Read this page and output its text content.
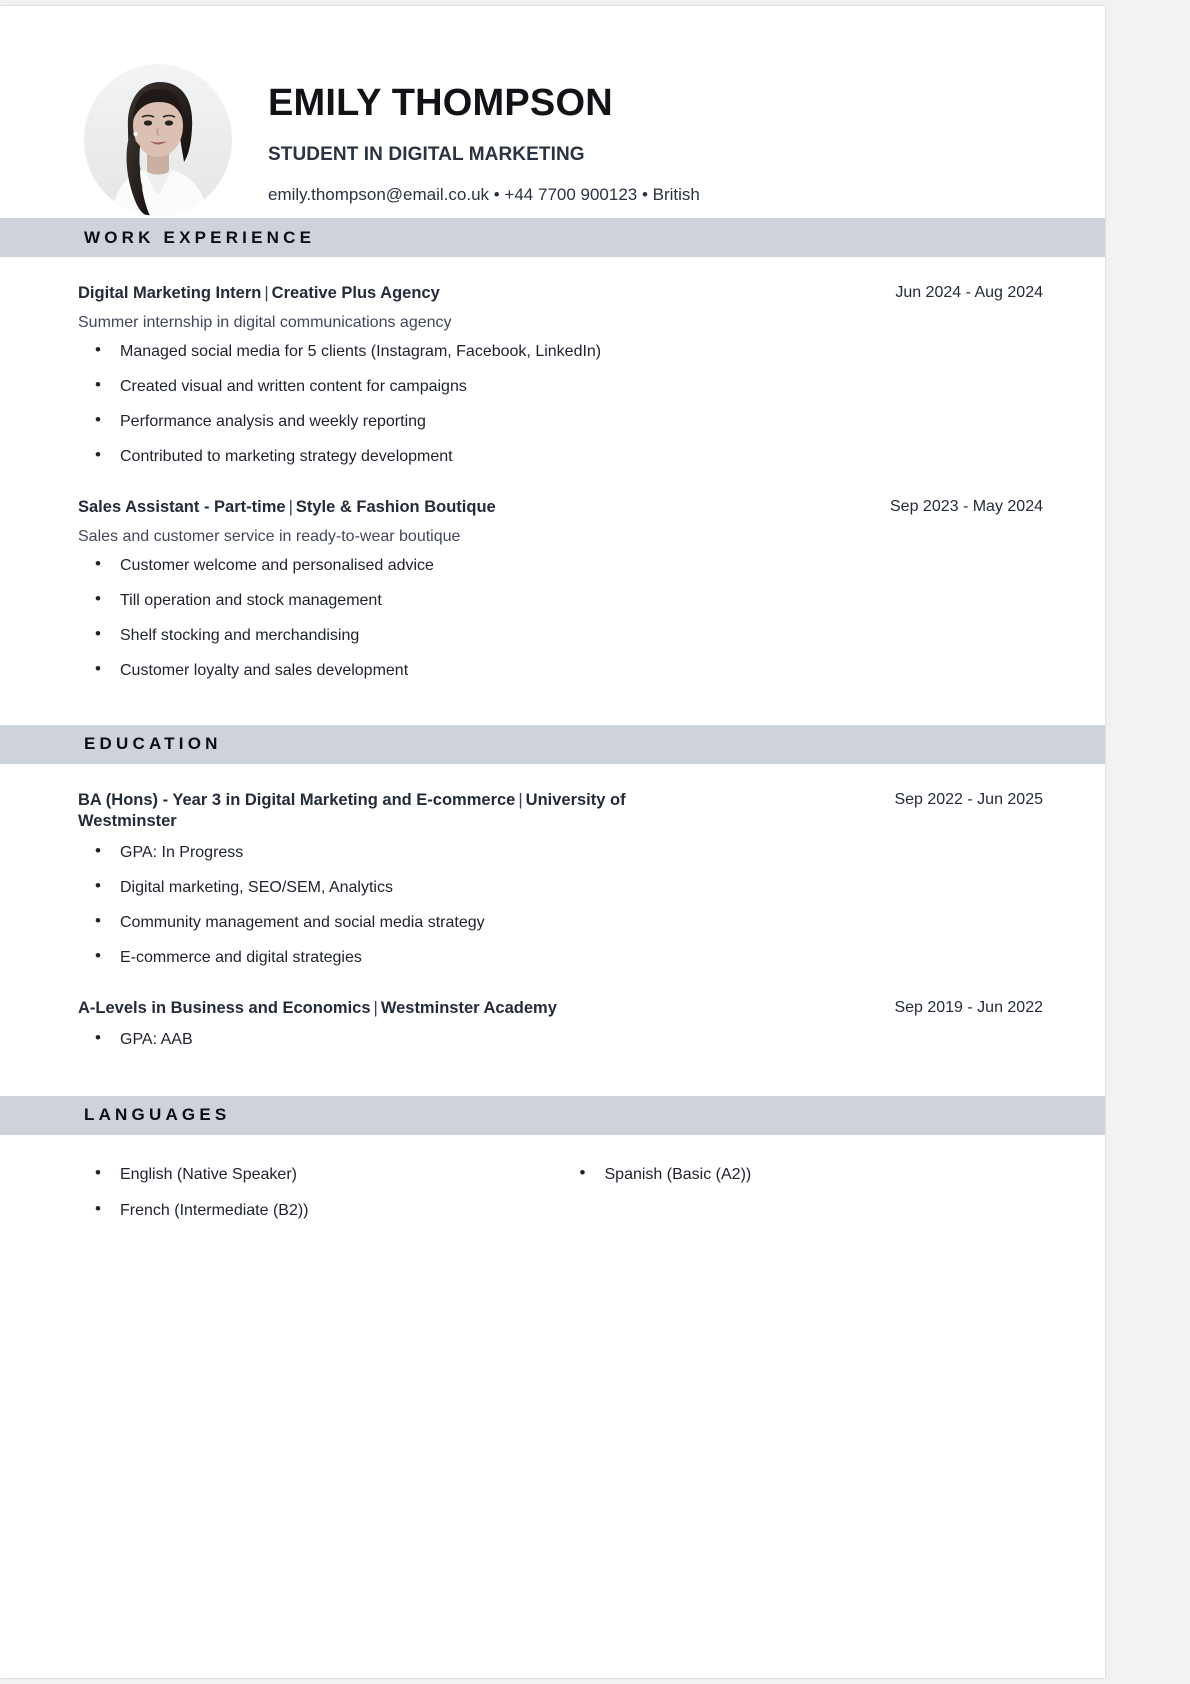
EMILY THOMPSON
STUDENT IN DIGITAL MARKETING
emily.thompson@email.co.uk • +44 7700 900123 • British
WORK EXPERIENCE
Digital Marketing Intern | Creative Plus Agency	Jun 2024 - Aug 2024
Summer internship in digital communications agency
• Managed social media for 5 clients (Instagram, Facebook, LinkedIn)
• Created visual and written content for campaigns
• Performance analysis and weekly reporting
• Contributed to marketing strategy development
Sales Assistant - Part-time | Style & Fashion Boutique	Sep 2023 - May 2024
Sales and customer service in ready-to-wear boutique
• Customer welcome and personalised advice
• Till operation and stock management
• Shelf stocking and merchandising
• Customer loyalty and sales development
EDUCATION
BA (Hons) - Year 3 in Digital Marketing and E-commerce | University of Westminster
Sep 2022 - Jun 2025
• GPA: In Progress
• Digital marketing, SEO/SEM, Analytics
• Community management and social media strategy
• E-commerce and digital strategies
A-Levels in Business and Economics | Westminster Academy	Sep 2019 - Jun 2022
• GPA: AAB
LANGUAGES
• English (Native Speaker)
• French (Intermediate (B2))
• Spanish (Basic (A2))
